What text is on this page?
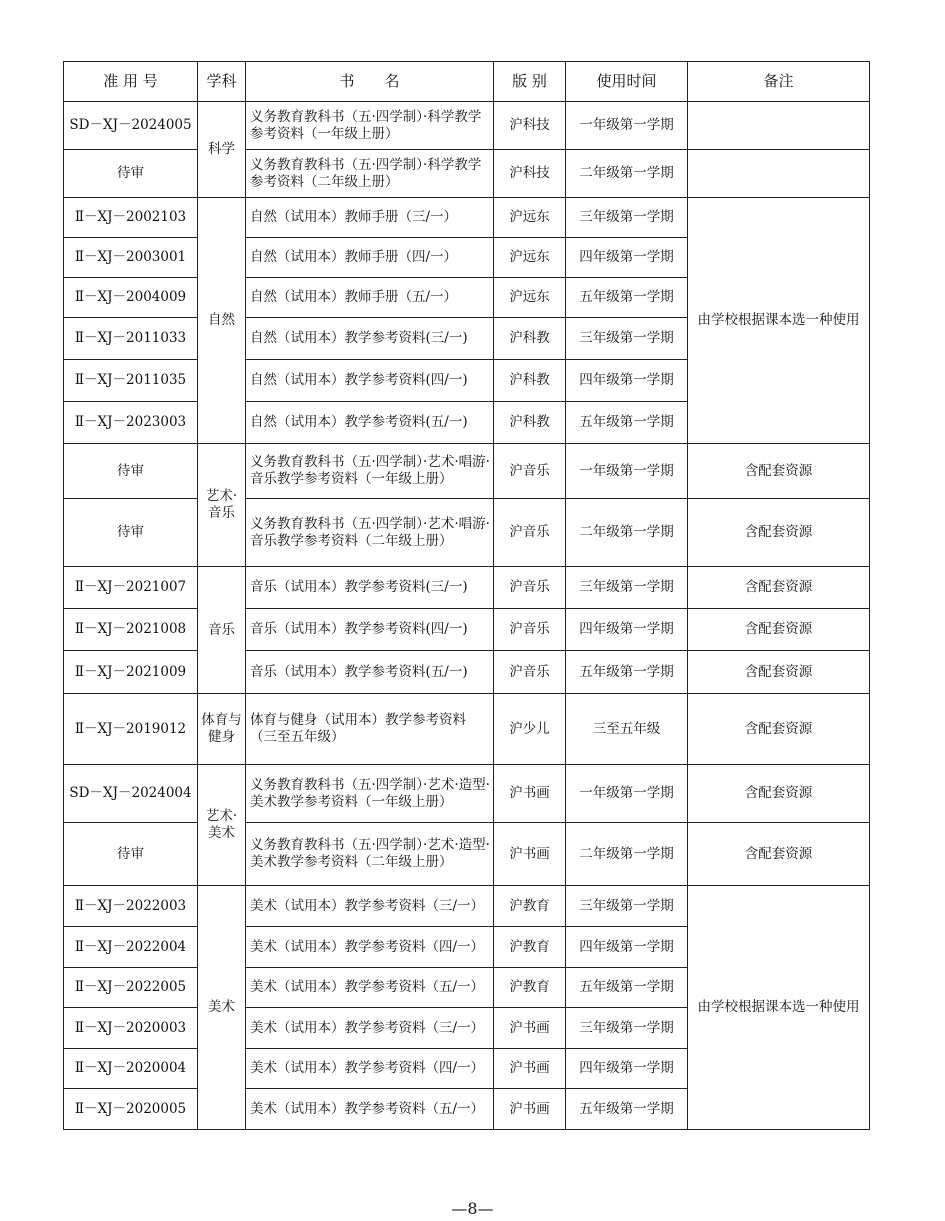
准 用 号	学科	书　　名	版 别	使用时间	备注
SD－XJ－2024005	科学	义务教育教科书（五·四学制）·科学教学参考资料（一年级上册）	沪科技	一年级第一学期	
待审		义务教育教科书（五·四学制）·科学教学参考资料（二年级上册）	沪科技	二年级第一学期	
Ⅱ－XJ－2002103	自然	自然（试用本）教师手册（三/一）	沪远东	三年级第一学期	由学校根据课本选一种使用
Ⅱ－XJ－2003001		自然（试用本）教师手册（四/一）	沪远东	四年级第一学期	
Ⅱ－XJ－2004009		自然（试用本）教师手册（五/一）	沪远东	五年级第一学期	
Ⅱ－XJ－2011033		自然（试用本）教学参考资料(三/一)	沪科教	三年级第一学期	
Ⅱ－XJ－2011035		自然（试用本）教学参考资料(四/一)	沪科教	四年级第一学期	
Ⅱ－XJ－2023003		自然（试用本）教学参考资料(五/一)	沪科教	五年级第一学期	
待审	艺术·音乐	义务教育教科书（五·四学制）·艺术·唱游·音乐教学参考资料（一年级上册）	沪音乐	一年级第一学期	含配套资源
待审		义务教育教科书（五·四学制）·艺术·唱游·音乐教学参考资料（二年级上册）	沪音乐	二年级第一学期	含配套资源
Ⅱ－XJ－2021007	音乐	音乐（试用本）教学参考资料(三/一)	沪音乐	三年级第一学期	含配套资源
Ⅱ－XJ－2021008		音乐（试用本）教学参考资料(四/一)	沪音乐	四年级第一学期	含配套资源
Ⅱ－XJ－2021009		音乐（试用本）教学参考资料(五/一)	沪音乐	五年级第一学期	含配套资源
Ⅱ－XJ－2019012	体育与健身	体育与健身（试用本）教学参考资料（三至五年级）	沪少儿	三至五年级	含配套资源
SD－XJ－2024004	艺术·美术	义务教育教科书（五·四学制）·艺术·造型·美术教学参考资料（一年级上册）	沪书画	一年级第一学期	含配套资源
待审		义务教育教科书（五·四学制）·艺术·造型·美术教学参考资料（二年级上册）	沪书画	二年级第一学期	含配套资源
Ⅱ－XJ－2022003	美术	美术（试用本）教学参考资料（三/一）	沪教育	三年级第一学期	由学校根据课本选一种使用
Ⅱ－XJ－2022004		美术（试用本）教学参考资料（四/一）	沪教育	四年级第一学期	
Ⅱ－XJ－2022005		美术（试用本）教学参考资料（五/一）	沪教育	五年级第一学期	
Ⅱ－XJ－2020003		美术（试用本）教学参考资料（三/一）	沪书画	三年级第一学期	
Ⅱ－XJ－2020004		美术（试用本）教学参考资料（四/一）	沪书画	四年级第一学期	
Ⅱ－XJ－2020005		美术（试用本）教学参考资料（五/一）	沪书画	五年级第一学期	
—8—
